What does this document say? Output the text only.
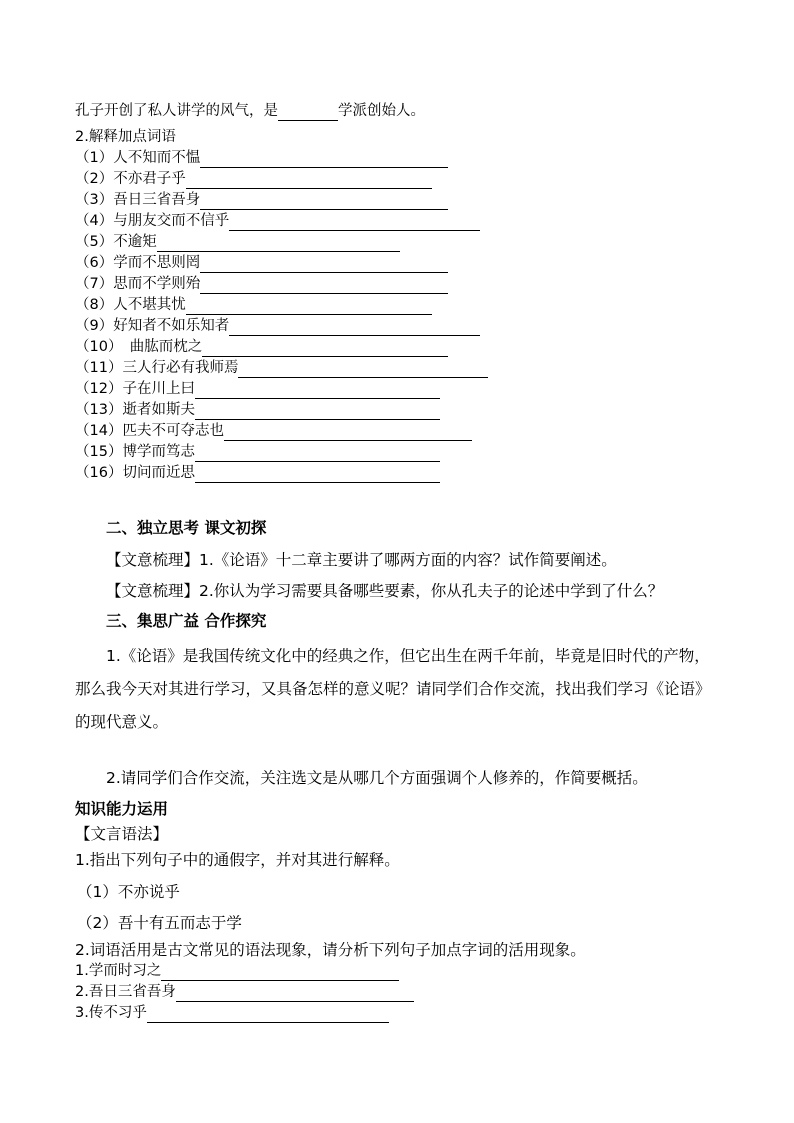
孔子开创了私人讲学的风气，是	学派创始人。
2.解释加点词语
（1）人不知而不愠
（2）不亦君子乎
（3）吾日三省吾身
（4）与朋友交而不信乎
（5）不逾矩
（6）学而不思则罔
（7）思而不学则殆
（8）人不堪其忧
（9）好知者不如乐知者
（10）　曲肱而枕之
（11）三人行必有我师焉
（12）子在川上曰
（13）逝者如斯夫
（14）匹夫不可夺志也
（15）博学而笃志
（16）切问而近思
二、独立思考 课文初探
【文意梳理】1.《论语》十二章主要讲了哪两方面的内容？试作简要阐述。
【文意梳理】2.你认为学习需要具备哪些要素，你从孔夫子的论述中学到了什么？
三、集思广益 合作探究
1.《论语》是我国传统文化中的经典之作，但它出生在两千年前，毕竟是旧时代的产物，那么我今天对其进行学习，又具备怎样的意义呢？请同学们合作交流，找出我们学习《论语》的现代意义。
2.请同学们合作交流，关注选文是从哪几个方面强调个人修养的，作简要概括。
知识能力运用
【文言语法】
1.指出下列句子中的通假字，并对其进行解释。
（1）不亦说乎
（2）吾十有五而志于学
2.词语活用是古文常见的语法现象，请分析下列句子加点字词的活用现象。
1.学而时习之
2.吾日三省吾身
3.传不习乎
